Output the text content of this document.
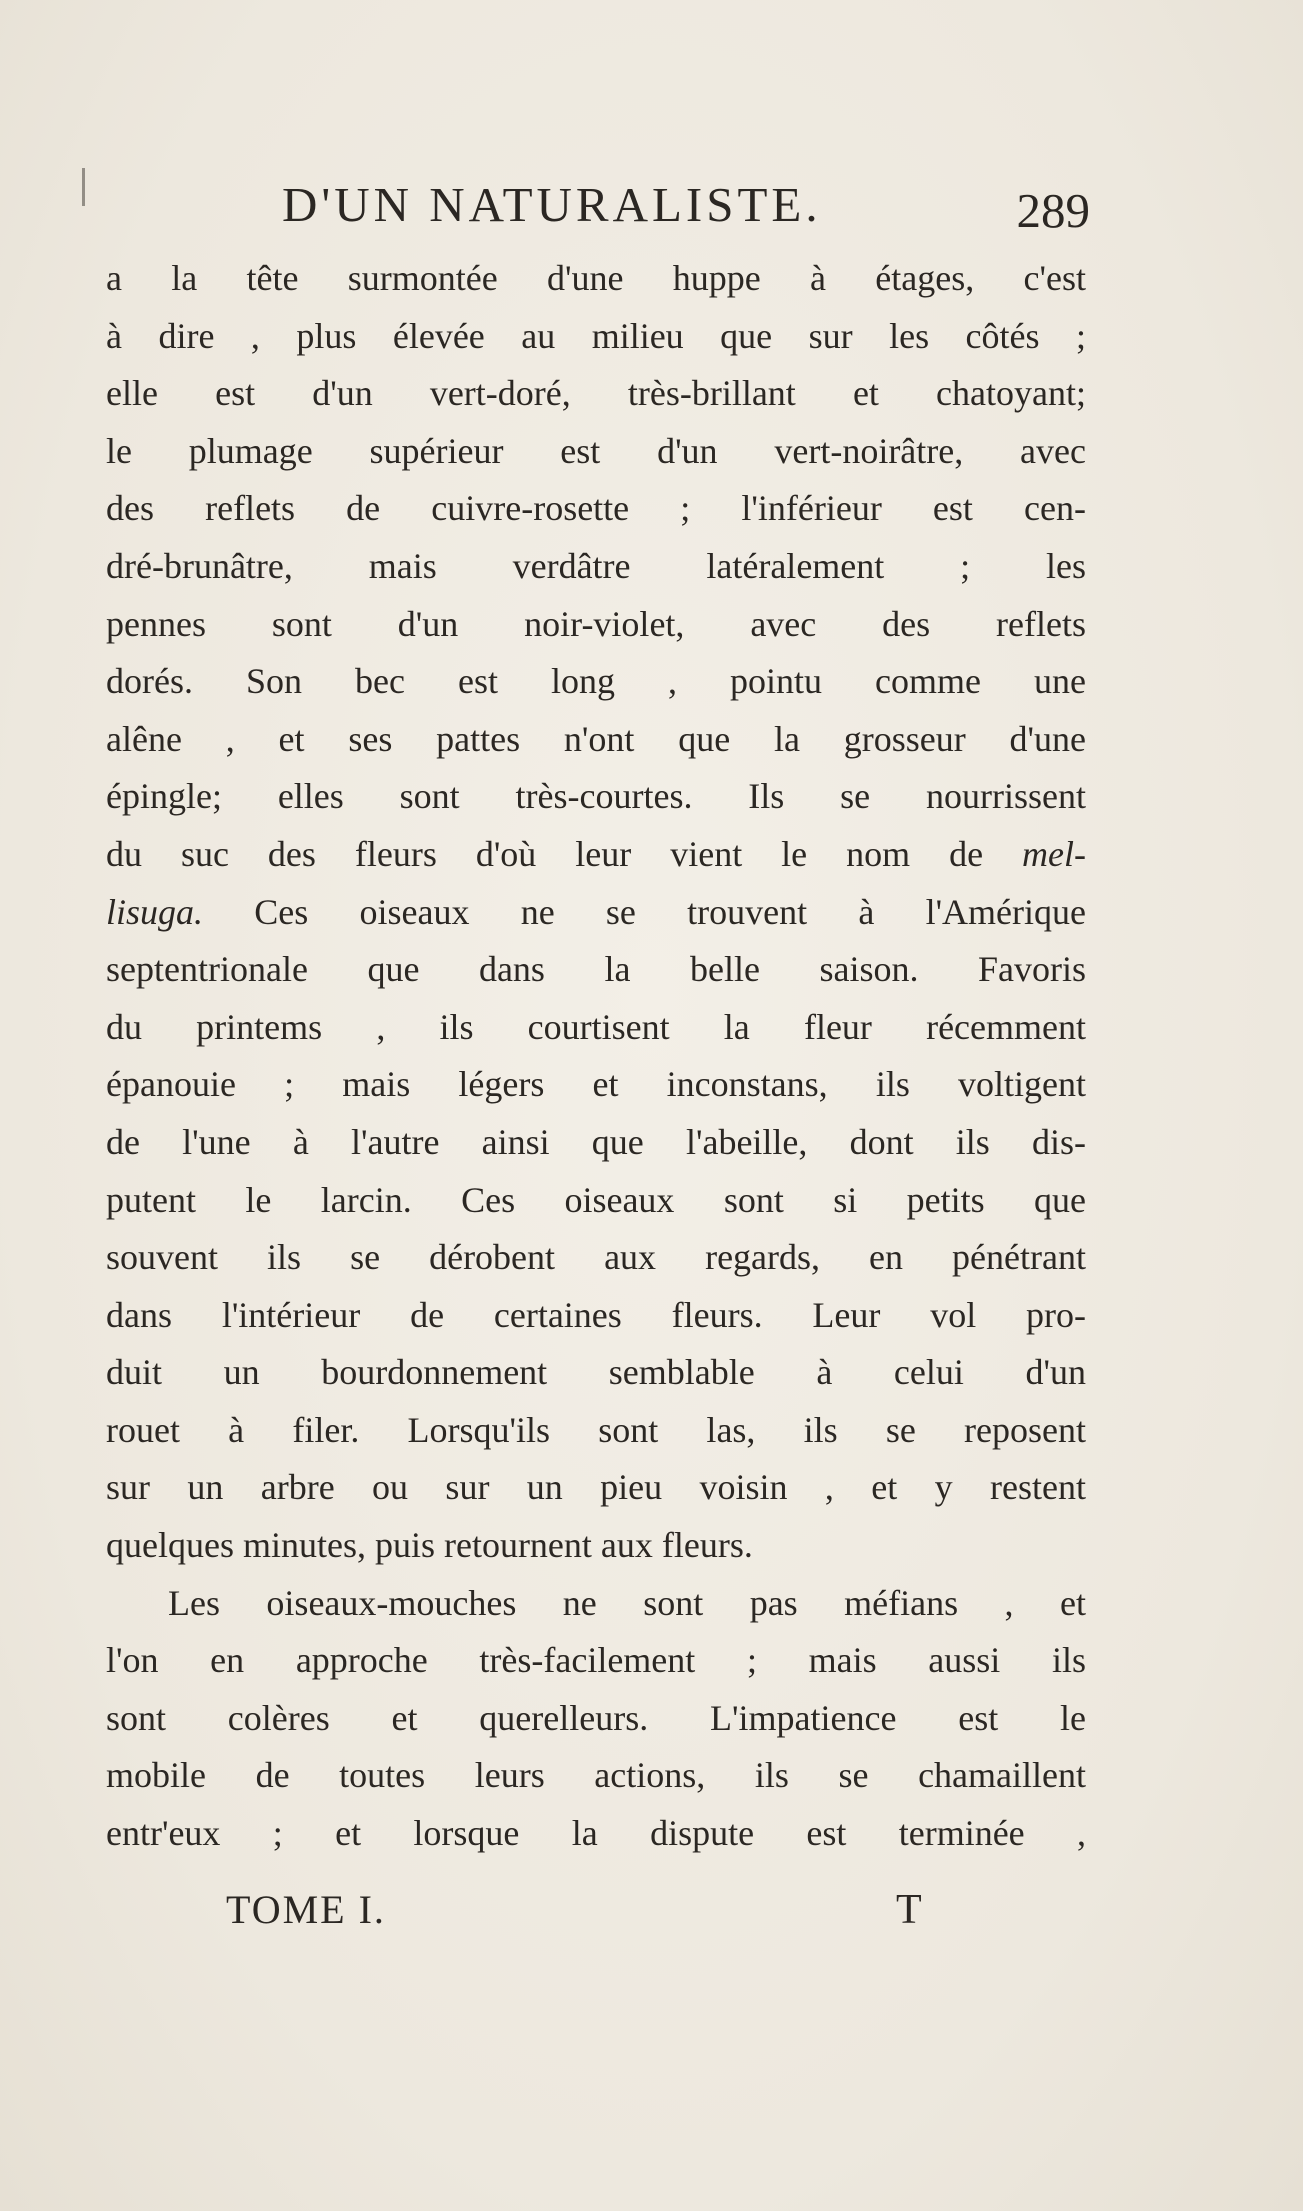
D'UN NATURALISTE.	289
a la tête surmontée d'une huppe à étages, c'est
à dire , plus élevée au milieu que sur les côtés ;
elle est d'un vert-doré, très-brillant et chatoyant;
le plumage supérieur est d'un vert-noirâtre, avec
des reflets de cuivre-rosette ; l'inférieur est cen-
dré-brunâtre, mais verdâtre latéralement ; les
pennes sont d'un noir-violet, avec des reflets
dorés. Son bec est long , pointu comme une
alêne , et ses pattes n'ont que la grosseur d'une
épingle; elles sont très-courtes. Ils se nourrissent
du suc des fleurs d'où leur vient le nom de mel-
lisuga. Ces oiseaux ne se trouvent à l'Amérique
septentrionale que dans la belle saison. Favoris
du printems , ils courtisent la fleur récemment
épanouie ; mais légers et inconstans, ils voltigent
de l'une à l'autre ainsi que l'abeille, dont ils dis-
putent le larcin. Ces oiseaux sont si petits que
souvent ils se dérobent aux regards, en pénétrant
dans l'intérieur de certaines fleurs. Leur vol pro-
duit un bourdonnement semblable à celui d'un
rouet à filer. Lorsqu'ils sont las, ils se reposent
sur un arbre ou sur un pieu voisin , et y restent
quelques minutes, puis retournent aux fleurs.
Les oiseaux-mouches ne sont pas méfians , et
l'on en approche très-facilement ; mais aussi ils
sont colères et querelleurs. L'impatience est le
mobile de toutes leurs actions, ils se chamaillent
entr'eux ; et lorsque la dispute est terminée ,
TOME I.	T
